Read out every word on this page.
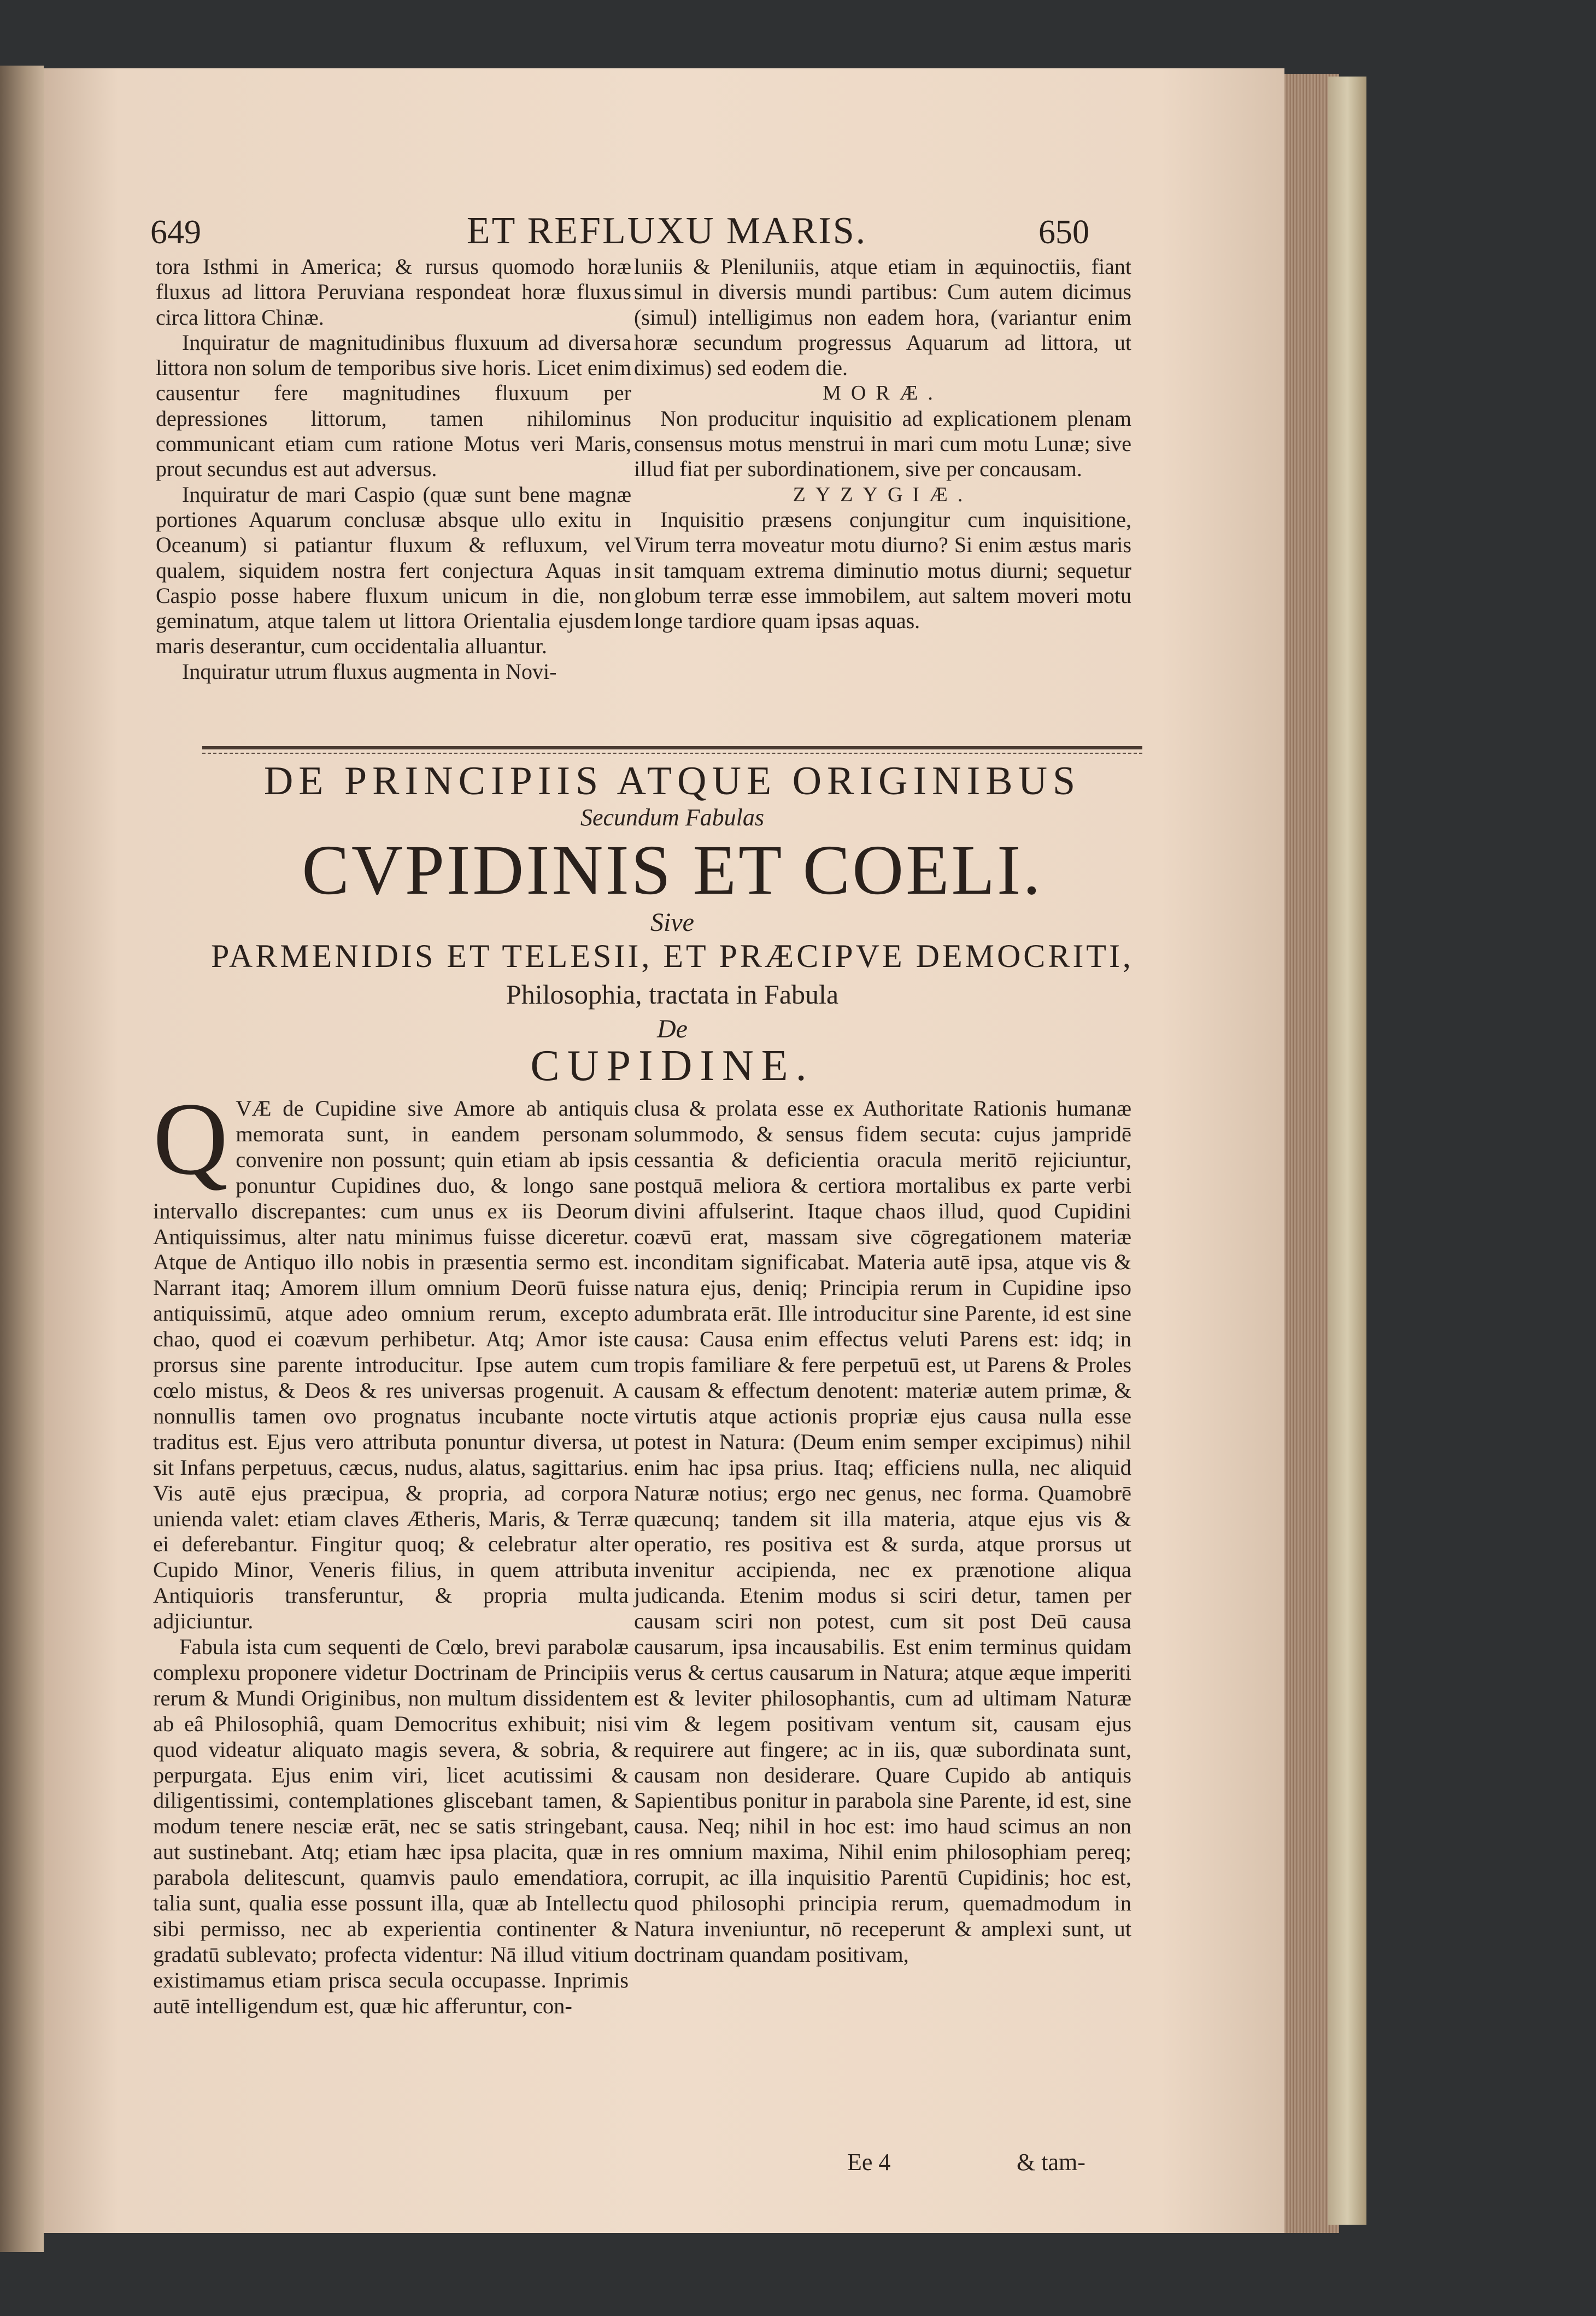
649	ET REFLUXU MARIS.	650

tora Isthmi in America; & rursus quomodo horæ fluxus ad littora Peruviana respondeat horæ fluxus circa littora Chinæ.

Inquiratur de magnitudinibus fluxuum ad diversa littora non solum de temporibus sive horis. Licet enim causentur fere magnitudines fluxuum per depressiones littorum, tamen nihilominus communicant etiam cum ratione Motus veri Maris, prout secundus est aut adversus.

Inquiratur de mari Caspio (quæ sunt bene magnæ portiones Aquarum conclusæ absque ullo exitu in Oceanum) si patiantur fluxum & refluxum, vel qualem, siquidem nostra fert conjectura Aquas in Caspio posse habere fluxum unicum in die, non geminatum, atque talem ut littora Orientalia ejusdem maris deserantur, cum occidentalia alluantur.

Inquiratur utrum fluxus augmenta in Novi-

luniis & Pleniluniis, atque etiam in æquinoctiis, fiant simul in diversis mundi partibus: Cum autem dicimus (simul) intelligimus non eadem hora, (variantur enim horæ secundum progressus Aquarum ad littora, ut diximus) sed eodem die.

MORÆ.

Non producitur inquisitio ad explicationem plenam consensus motus menstrui in mari cum motu Lunæ; sive illud fiat per subordinationem, sive per concausam.

ZYZYGIÆ.

Inquisitio præsens conjungitur cum inquisitione, Virum terra moveatur motu diurno? Si enim æstus maris sit tamquam extrema diminutio motus diurni; sequetur globum terræ esse immobilem, aut saltem moveri motu longe tardiore quam ipsas aquas.

DE PRINCIPIIS ATQUE ORIGINIBUS
Secundum Fabulas
CVPIDINIS ET COELI.
Sive
PARMENIDIS ET TELESII, ET PRÆCIPVE DEMOCRITI,
Philosophia, tractata in Fabula
De
CUPIDINE.

QVÆ de Cupidine sive Amore ab antiquis memorata sunt, in eandem personam convenire non possunt; quin etiam ab ipsis ponuntur Cupidines duo, & longo sane intervallo discrepantes: cum unus ex iis Deorum Antiquissimus, alter natu minimus fuisse diceretur. Atque de Antiquo illo nobis in præsentia sermo est. Narrant itaq; Amorem illum omnium Deorū fuisse antiquissimū, atque adeo omnium rerum, excepto chao, quod ei coævum perhibetur. Atq; Amor iste prorsus sine parente introducitur. Ipse autem cum cœlo mistus, & Deos & res universas progenuit. A nonnullis tamen ovo prognatus incubante nocte traditus est. Ejus vero attributa ponuntur diversa, ut sit Infans perpetuus, cæcus, nudus, alatus, sagittarius. Vis autē ejus præcipua, & propria, ad corpora unienda valet: etiam claves Ætheris, Maris, & Terræ ei deferebantur. Fingitur quoq; & celebratur alter Cupido Minor, Veneris filius, in quem attributa Antiquioris transferuntur, & propria multa adjiciuntur.

Fabula ista cum sequenti de Cœlo, brevi parabolæ complexu proponere videtur Doctrinam de Principiis rerum & Mundi Originibus, non multum dissidentem ab eâ Philosophiâ, quam Democritus exhibuit; nisi quod videatur aliquato magis severa, & sobria, & perpurgata. Ejus enim viri, licet acutissimi & diligentissimi, contemplationes gliscebant tamen, & modum tenere nesciæ erāt, nec se satis stringebant, aut sustinebant. Atq; etiam hæc ipsa placita, quæ in parabola delitescunt, quamvis paulo emendatiora, talia sunt, qualia esse possunt illa, quæ ab Intellectu sibi permisso, nec ab experientia continenter & gradatū sublevato; profecta videntur: Nā illud vitium existimamus etiam prisca secula occupasse. Inprimis autē intelligendum est, quæ hic afferuntur, con-

clusa & prolata esse ex Authoritate Rationis humanæ solummodo, & sensus fidem secuta: cujus jampridē cessantia & deficientia oracula meritō rejiciuntur, postquā meliora & certiora mortalibus ex parte verbi divini affulserint. Itaque chaos illud, quod Cupidini coævū erat, massam sive cōgregationem materiæ inconditam significabat. Materia autē ipsa, atque vis & natura ejus, deniq; Principia rerum in Cupidine ipso adumbrata erāt. Ille introducitur sine Parente, id est sine causa: Causa enim effectus veluti Parens est: idq; in tropis familiare & fere perpetuū est, ut Parens & Proles causam & effectum denotent: materiæ autem primæ, & virtutis atque actionis propriæ ejus causa nulla esse potest in Natura: (Deum enim semper excipimus) nihil enim hac ipsa prius. Itaq; efficiens nulla, nec aliquid Naturæ notius; ergo nec genus, nec forma. Quamobrē quæcunq; tandem sit illa materia, atque ejus vis & operatio, res positiva est & surda, atque prorsus ut invenitur accipienda, nec ex prænotione aliqua judicanda. Etenim modus si sciri detur, tamen per causam sciri non potest, cum sit post Deū causa causarum, ipsa incausabilis. Est enim terminus quidam verus & certus causarum in Natura; atque æque imperiti est & leviter philosophantis, cum ad ultimam Naturæ vim & legem positivam ventum sit, causam ejus requirere aut fingere; ac in iis, quæ subordinata sunt, causam non desiderare. Quare Cupido ab antiquis Sapientibus ponitur in parabola sine Parente, id est, sine causa. Neq; nihil in hoc est: imo haud scimus an non res omnium maxima, Nihil enim philosophiam pereq; corrupit, ac illa inquisitio Parentū Cupidinis; hoc est, quod philosophi principia rerum, quemadmodum in Natura inveniuntur, nō receperunt & amplexi sunt, ut doctrinam quandam positivam,

Ee 4	& tam-
